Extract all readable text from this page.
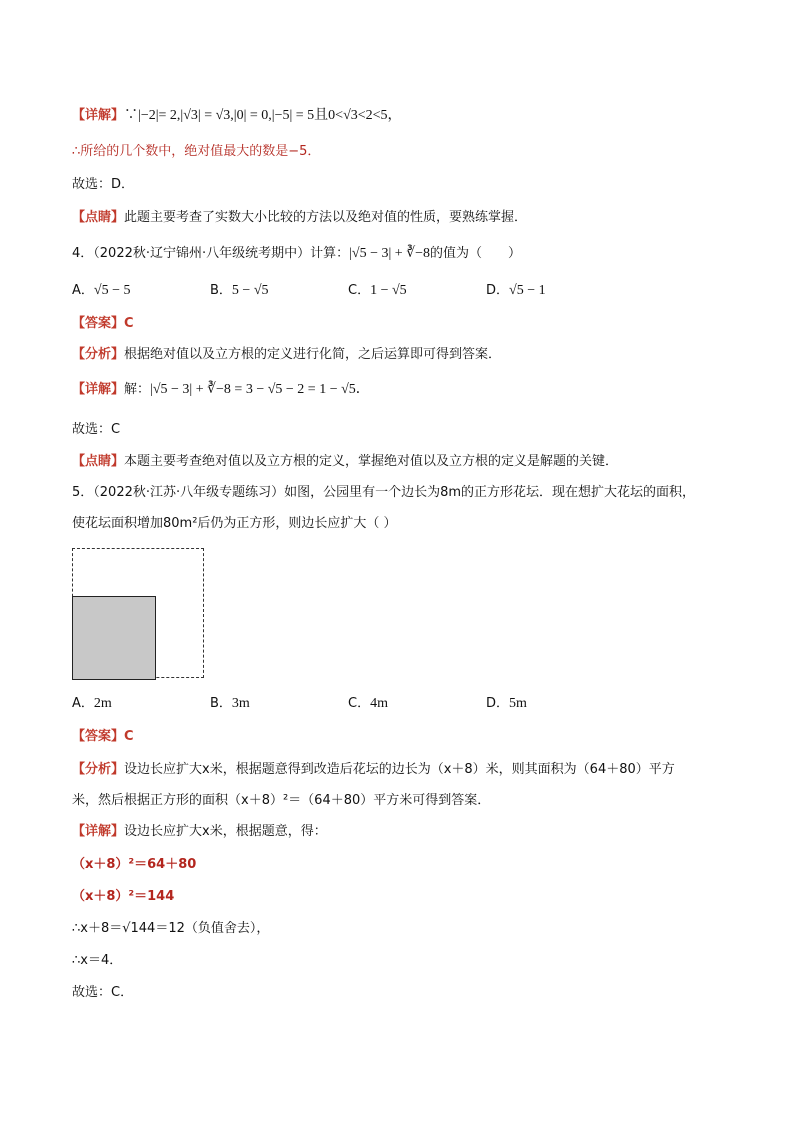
【详解】∵|−2|= 2,|√3| = √3,|0| = 0,|−5| = 5且0<√3<2<5，
∴所给的几个数中，绝对值最大的数是−5．
故选：D．
【点睛】此题主要考查了实数大小比较的方法以及绝对值的性质，要熟练掌握．
4．（2022秋·辽宁锦州·八年级统考期中）计算：|√5 − 3| + ∛−8的值为（　　）
A．√5 − 5	B．5 − √5	C．1 − √5	D．√5 − 1
【答案】C
【分析】根据绝对值以及立方根的定义进行化简，之后运算即可得到答案．
【详解】解：|√5 − 3| + ∛−8 = 3 − √5 − 2 = 1 − √5．
故选：C
【点睛】本题主要考查绝对值以及立方根的定义，掌握绝对值以及立方根的定义是解题的关键．
5．（2022秋·江苏·八年级专题练习）如图，公园里有一个边长为8m的正方形花坛．现在想扩大花坛的面积，
使花坛面积增加80m²后仍为正方形，则边长应扩大（ ）
A．2m	B．3m	C．4m	D．5m
【答案】C
【分析】设边长应扩大x米，根据题意得到改造后花坛的边长为（x＋8）米，则其面积为（64＋80）平方
米，然后根据正方形的面积（x＋8）²＝（64＋80）平方米可得到答案．
【详解】设边长应扩大x米，根据题意，得：
（x＋8）²＝64＋80
（x＋8）²＝144
∴x＋8＝√144＝12（负值舍去），
∴x＝4．
故选：C．
